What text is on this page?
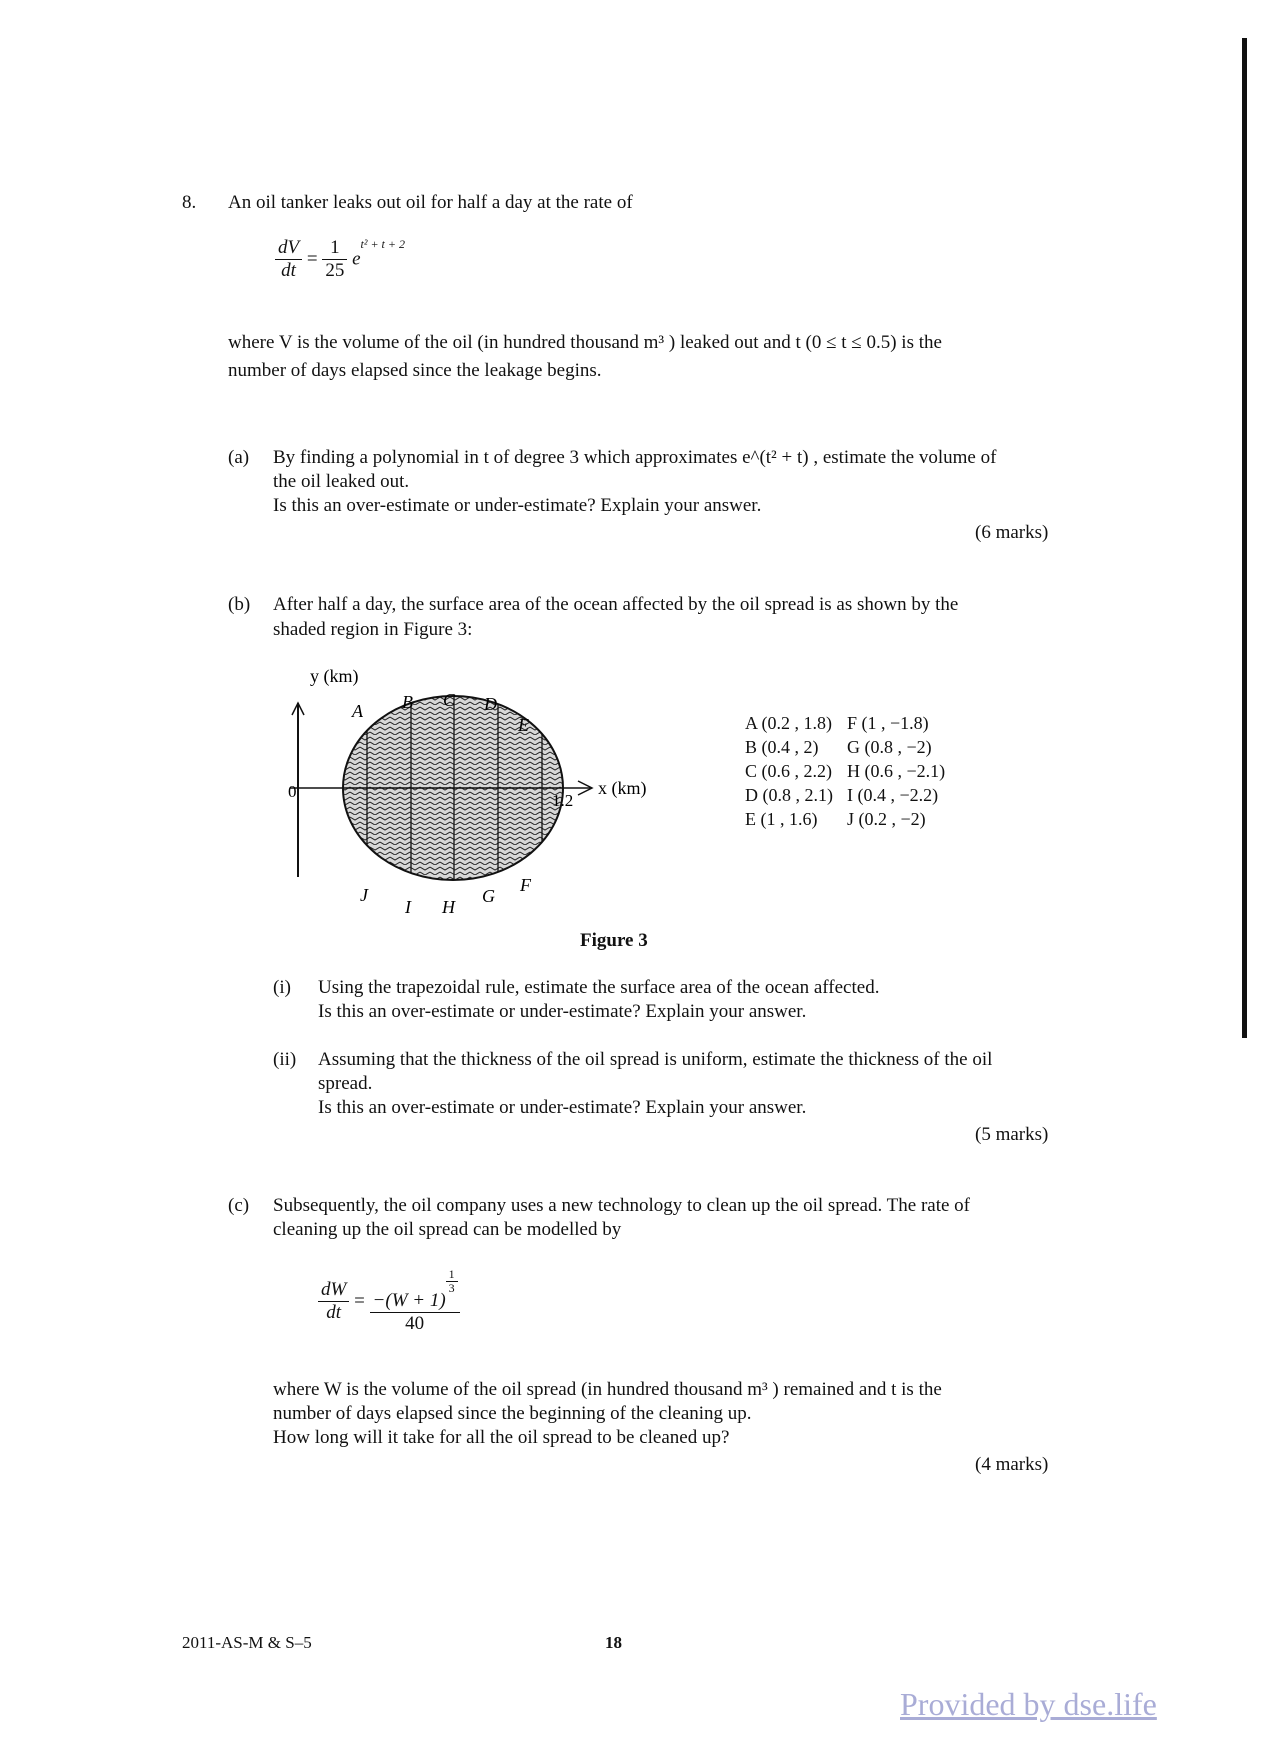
8. An oil tanker leaks out oil for half a day at the rate of
$\frac{dV}{dt} = \frac{1}{25} e^{t^2 + t + 2}$
where V is the volume of the oil (in hundred thousand m³ ) leaked out and t (0 ≤ t ≤ 0.5) is the
number of days elapsed since the leakage begins.
(a) By finding a polynomial in t of degree 3 which approximates e^(t² + t) , estimate the volume of
the oil leaked out.
Is this an over-estimate or under-estimate? Explain your answer.
(6 marks)
(b) After half a day, the surface area of the ocean affected by the oil spread is as shown by the
shaded region in Figure 3:
y (km)
x (km)
0	1.2
A B C D
E
F
G
H
I
J
A (0.2 , 1.8)	F (1 , −1.8)
B (0.4 , 2)	G (0.8 , −2)
C (0.6 , 2.2)	H (0.6 , −2.1)
D (0.8 , 2.1)	I (0.4 , −2.2)
E (1 , 1.6)	J (0.2 , −2)
Figure 3
(i) Using the trapezoidal rule, estimate the surface area of the ocean affected.
Is this an over-estimate or under-estimate? Explain your answer.
(ii) Assuming that the thickness of the oil spread is uniform, estimate the thickness of the oil
spread.
Is this an over-estimate or under-estimate? Explain your answer.
(5 marks)
(c) Subsequently, the oil company uses a new technology to clean up the oil spread. The rate of
cleaning up the oil spread can be modelled by
$\frac{dW}{dt} = -(W + 1)$
$\frac{1}{3}$
40
where W is the volume of the oil spread (in hundred thousand m³ ) remained and t is the
number of days elapsed since the beginning of the cleaning up.
How long will it take for all the oil spread to be cleaned up?
(4 marks)
2011-AS-M & S–5	18
Provided by dse.life
